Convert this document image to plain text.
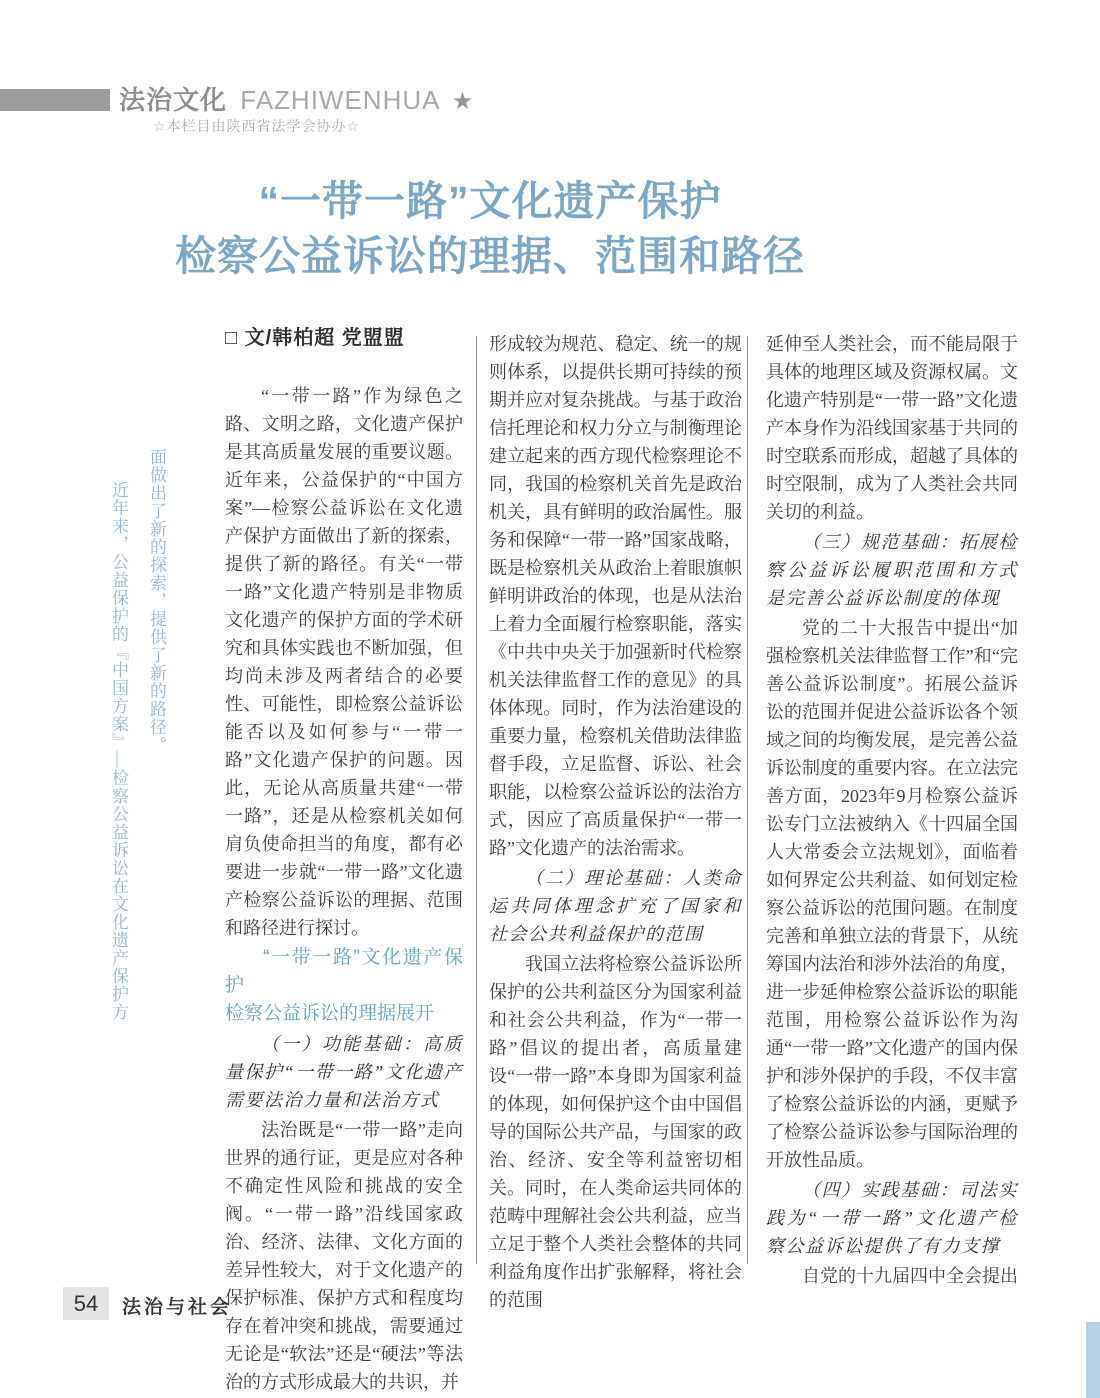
法治文化 FAZHIWENHUA ★
☆本栏目由陕西省法学会协办☆
“一带一路”文化遗产保护
检察公益诉讼的理据、范围和路径
近年来，公益保护的﹃中国方案﹄—检察公益诉讼在文化遗产保护方	面做出了新的探索，提供了新的路径。
□ 文/韩柏超 党盟盟

“一带一路”作为绿色之路、文明之路，文化遗产保护是其高质量发展的重要议题。近年来，公益保护的“中国方案”—检察公益诉讼在文化遗产保护方面做出了新的探索，提供了新的路径。有关“一带一路”文化遗产特别是非物质文化遗产的保护方面的学术研究和具体实践也不断加强，但均尚未涉及两者结合的必要性、可能性，即检察公益诉讼能否以及如何参与“一带一路”文化遗产保护的问题。因此，无论从高质量共建“一带一路”，还是从检察机关如何肩负使命担当的角度，都有必要进一步就“一带一路”文化遗产检察公益诉讼的理据、范围和路径进行探讨。

“一带一路”文化遗产保护
检察公益诉讼的理据展开

（一）功能基础：高质量保护“一带一路”文化遗产需要法治力量和法治方式

法治既是“一带一路”走向世界的通行证，更是应对各种不确定性风险和挑战的安全阀。“一带一路”沿线国家政治、经济、法律、文化方面的差异性较大，对于文化遗产的保护标准、保护方式和程度均存在着冲突和挑战，需要通过无论是“软法”还是“硬法”等法治的方式形成最大的共识，并

形成较为规范、稳定、统一的规则体系，以提供长期可持续的预期并应对复杂挑战。与基于政治信托理论和权力分立与制衡理论建立起来的西方现代检察理论不同，我国的检察机关首先是政治机关，具有鲜明的政治属性。服务和保障“一带一路”国家战略，既是检察机关从政治上着眼旗帜鲜明讲政治的体现，也是从法治上着力全面履行检察职能，落实《中共中央关于加强新时代检察机关法律监督工作的意见》的具体体现。同时，作为法治建设的重要力量，检察机关借助法律监督手段，立足监督、诉讼、社会职能，以检察公益诉讼的法治方式，因应了高质量保护“一带一路”文化遗产的法治需求。

（二）理论基础：人类命运共同体理念扩充了国家和社会公共利益保护的范围

我国立法将检察公益诉讼所保护的公共利益区分为国家利益和社会公共利益，作为“一带一路”倡议的提出者，高质量建设“一带一路”本身即为国家利益的体现，如何保护这个由中国倡导的国际公共产品，与国家的政治、经济、安全等利益密切相关。同时，在人类命运共同体的范畴中理解社会公共利益，应当立足于整个人类社会整体的共同利益角度作出扩张解释，将社会的范围

延伸至人类社会，而不能局限于具体的地理区域及资源权属。文化遗产特别是“一带一路”文化遗产本身作为沿线国家基于共同的时空联系而形成，超越了具体的时空限制，成为了人类社会共同关切的利益。

（三）规范基础：拓展检察公益诉讼履职范围和方式是完善公益诉讼制度的体现

党的二十大报告中提出“加强检察机关法律监督工作”和“完善公益诉讼制度”。拓展公益诉讼的范围并促进公益诉讼各个领域之间的均衡发展，是完善公益诉讼制度的重要内容。在立法完善方面，2023年9月检察公益诉讼专门立法被纳入《十四届全国人大常委会立法规划》，面临着如何界定公共利益、如何划定检察公益诉讼的范围问题。在制度完善和单独立法的背景下，从统筹国内法治和涉外法治的角度，进一步延伸检察公益诉讼的职能范围，用检察公益诉讼作为沟通“一带一路”文化遗产的国内保护和涉外保护的手段，不仅丰富了检察公益诉讼的内涵，更赋予了检察公益诉讼参与国际治理的开放性品质。

（四）实践基础：司法实践为“一带一路”文化遗产检察公益诉讼提供了有力支撑

自党的十九届四中全会提出

54	法治与社会
